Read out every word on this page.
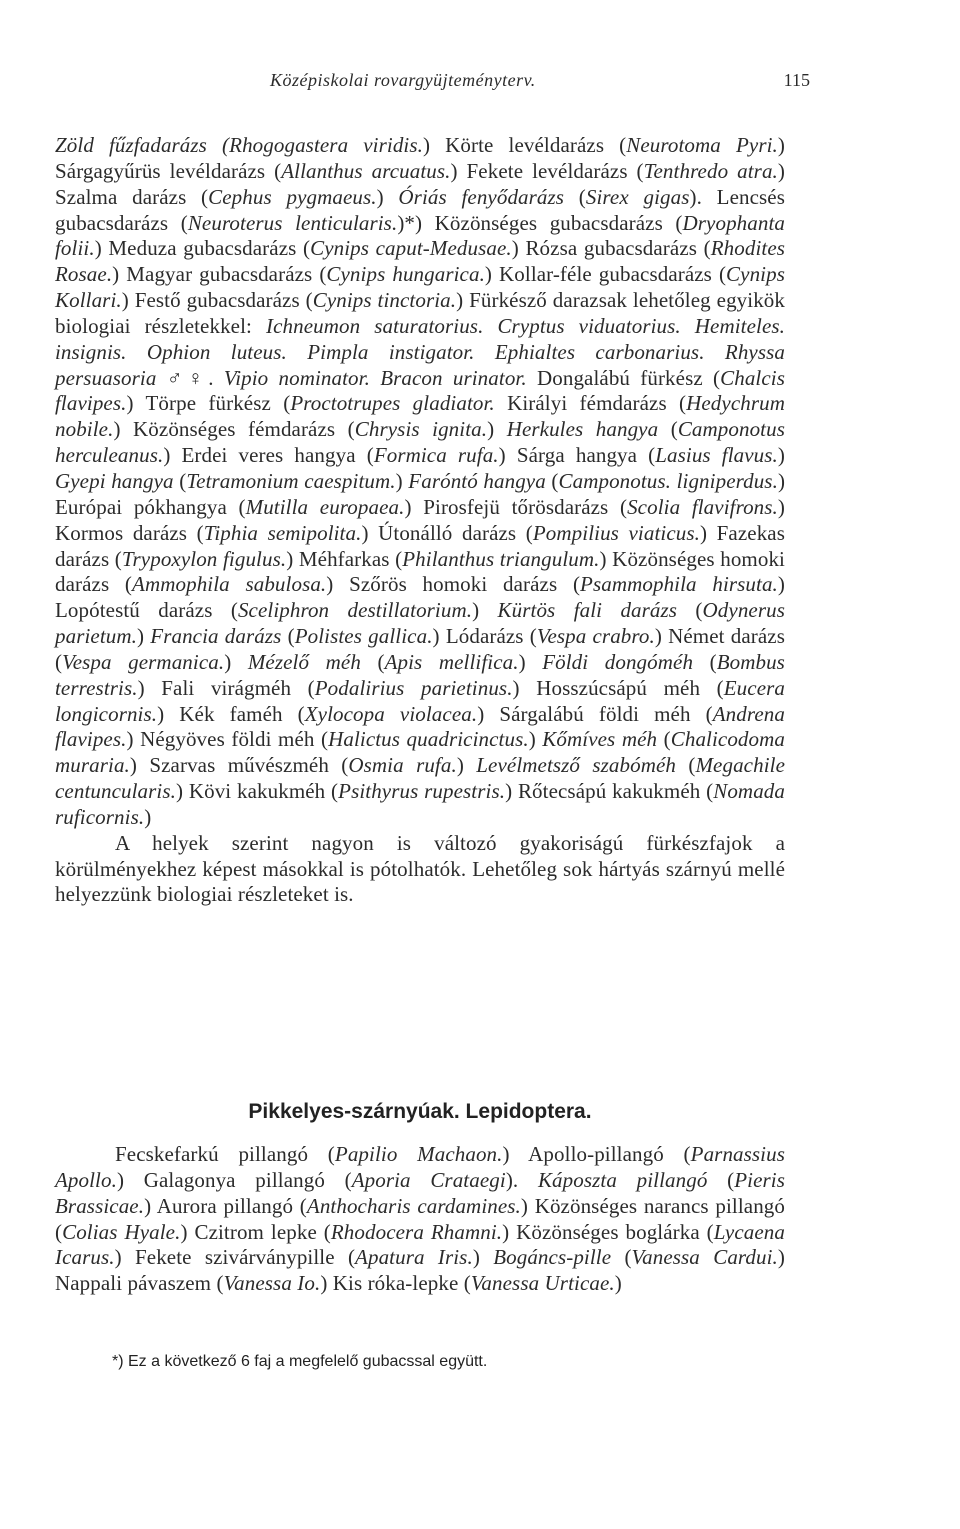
Középiskolai rovargyüjteményterv.	115

Zöld fűzfadarázs (Rhogogastera viridis.) Körte levéldarázs (Neurotoma Pyri.) Sárgagyűrüs levéldarázs (Allanthus arcuatus.) Fekete levéldarázs (Tenthredo atra.) Szalma darázs (Cephus pygmaeus.) Óriás fenyődarázs (Sirex gigas). Lencsés gubacsdarázs (Neuroterus lenticularis.)*) Közönséges gubacsdarázs (Dryophanta folii.) Meduza gubacsdarázs (Cynips caput-Medusae.) Rózsa gubacsdarázs (Rhodites Rosae.) Magyar gubacsdarázs (Cynips hungarica.) Kollar-féle gubacsdarázs (Cynips Kollari.) Festő gubacsdarázs (Cynips tinctoria.) Fürkésző darazsak lehetőleg egyikök biologiai részletekkel: Ichneumon saturatorius. Cryptus viduatorius. Hemiteles. insignis. Ophion luteus. Pimpla instigator. Ephialtes carbonarius. Rhyssa persuasoria ♂♀. Vipio nominator. Bracon urinator. Dongalábú fürkész (Chalcis flavipes.) Törpe fürkész (Proctotrupes gladiator. Királyi fémdarázs (Hedychrum nobile.) Közönséges fémdarázs (Chrysis ignita.) Herkules hangya (Camponotus herculeanus.) Erdei veres hangya (Formica rufa.) Sárga hangya (Lasius flavus.) Gyepi hangya (Tetramonium caespitum.) Faróntó hangya (Camponotus. ligniperdus.) Európai pókhangya (Mutilla europaea.) Pirosfejü tőrösdarázs (Scolia flavifrons.) Kormos darázs (Tiphia semipolita.) Útonálló darázs (Pompilius viaticus.) Fazekas darázs (Trypoxylon figulus.) Méhfarkas (Philanthus triangulum.) Közönséges homoki darázs (Ammophila sabulosa.) Szőrös homoki darázs (Psammophila hirsuta.) Lopótestű darázs (Sceliphron destillatorium.) Kürtös fali darázs (Odynerus parietum.) Francia darázs (Polistes gallica.) Lódarázs (Vespa crabro.) Német darázs (Vespa germanica.) Mézelő méh (Apis mellifica.) Földi dongóméh (Bombus terrestris.) Fali virágméh (Podalirius parietinus.) Hosszúcsápú méh (Eucera longicornis.) Kék faméh (Xylocopa violacea.) Sárgalábú földi méh (Andrena flavipes.) Négyöves földi méh (Halictus quadricinctus.) Kőmíves méh (Chalicodoma muraria.) Szarvas művészméh (Osmia rufa.) Levélmetsző szabóméh (Megachile centuncularis.) Kövi kakukméh (Psithyrus rupestris.) Rőtecsápú kakukméh (Nomada ruficornis.)

A helyek szerint nagyon is változó gyakoriságú fürkészfajok a körülményekhez képest másokkal is pótolhatók. Lehetőleg sok hártyás szárnyú mellé helyezzünk biologiai részleteket is.

Pikkelyes-szárnyúak. Lepidoptera.

Fecskefarkú pillangó (Papilio Machaon.) Apollo-pillangó (Parnassius Apollo.) Galagonya pillangó (Aporia Crataegi). Káposzta pillangó (Pieris Brassicae.) Aurora pillangó (Anthocharis cardamines.) Közönséges narancs pillangó (Colias Hyale.) Czitrom lepke (Rhodocera Rhamni.) Közönséges boglárka (Lycaena Icarus.) Fekete szivárványpille (Apatura Iris.) Bogáncs-pille (Vanessa Cardui.) Nappali pávaszem (Vanessa Io.) Kis róka-lepke (Vanessa Urticae.)

*) Ez a következő 6 faj a megfelelő gubacssal együtt.
